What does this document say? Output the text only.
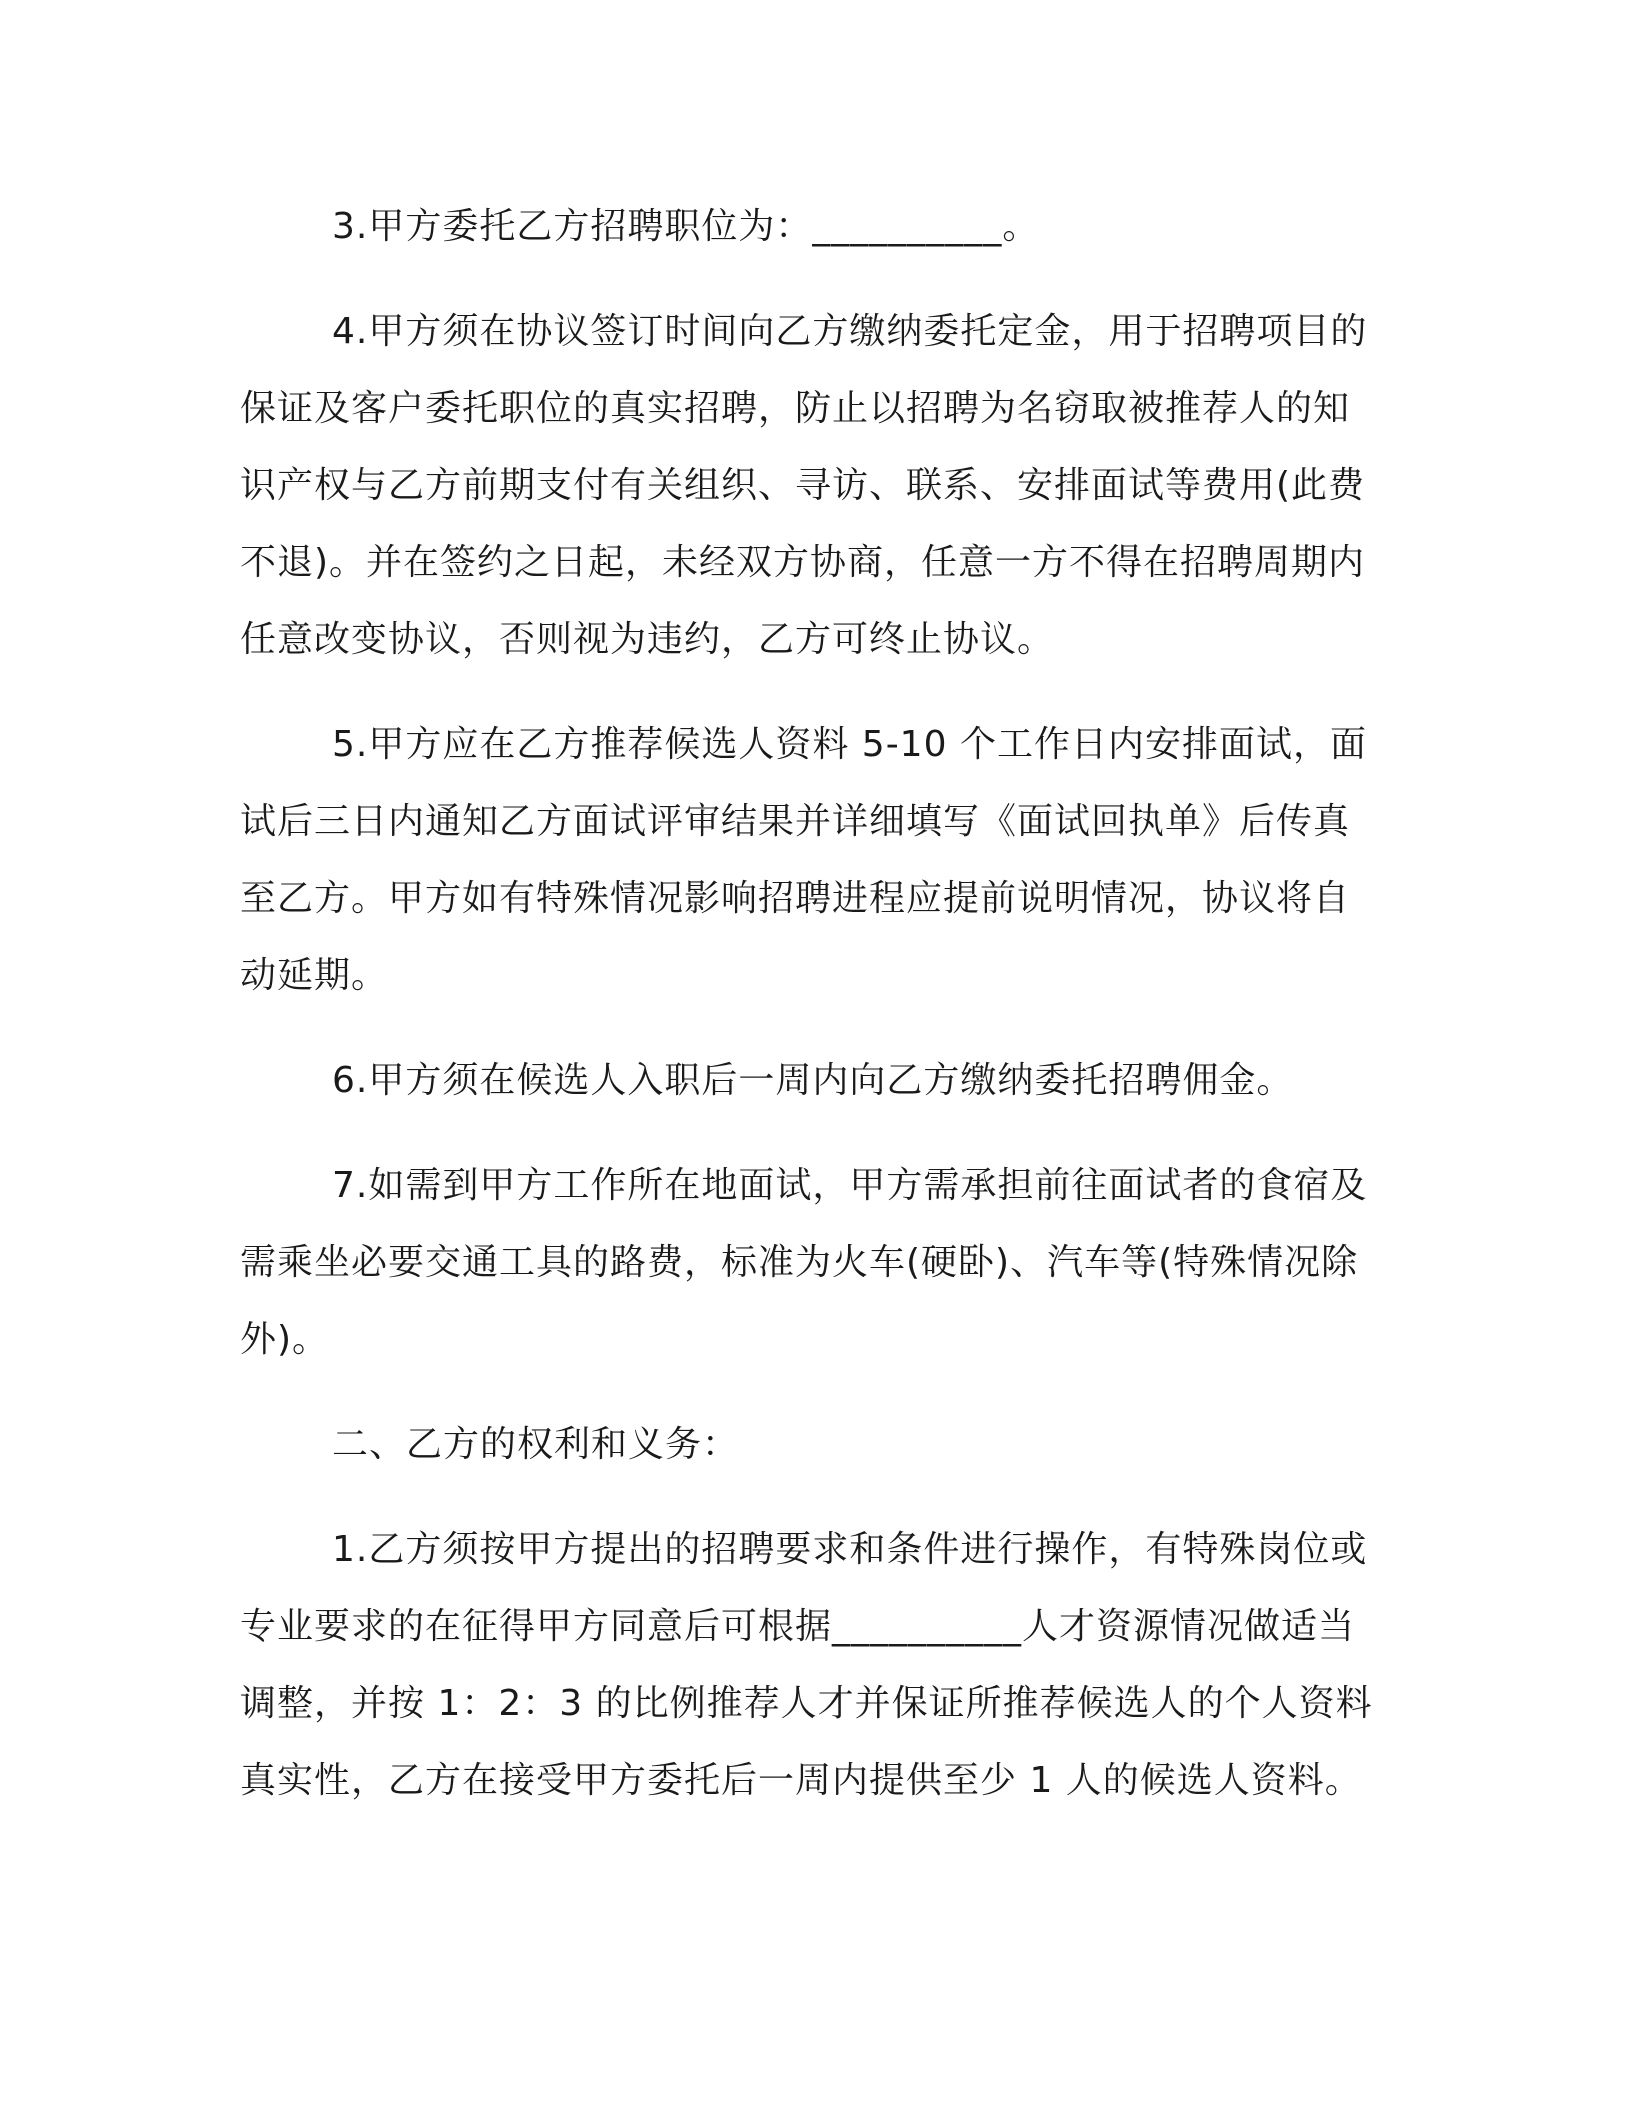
3.甲方委托乙方招聘职位为：__________。
4.甲方须在协议签订时间向乙方缴纳委托定金，用于招聘项目的
保证及客户委托职位的真实招聘，防止以招聘为名窃取被推荐人的知
识产权与乙方前期支付有关组织、寻访、联系、安排面试等费用(此费
不退)。并在签约之日起，未经双方协商，任意一方不得在招聘周期内
任意改变协议，否则视为违约，乙方可终止协议。
5.甲方应在乙方推荐候选人资料 5-10 个工作日内安排面试，面
试后三日内通知乙方面试评审结果并详细填写《面试回执单》后传真
至乙方。甲方如有特殊情况影响招聘进程应提前说明情况，协议将自
动延期。
6.甲方须在候选人入职后一周内向乙方缴纳委托招聘佣金。
7.如需到甲方工作所在地面试，甲方需承担前往面试者的食宿及
需乘坐必要交通工具的路费，标准为火车(硬卧)、汽车等(特殊情况除
外)。
二、乙方的权利和义务：
1.乙方须按甲方提出的招聘要求和条件进行操作，有特殊岗位或
专业要求的在征得甲方同意后可根据__________人才资源情况做适当
调整，并按 1：2：3 的比例推荐人才并保证所推荐候选人的个人资料
真实性，乙方在接受甲方委托后一周内提供至少 1 人的候选人资料。
